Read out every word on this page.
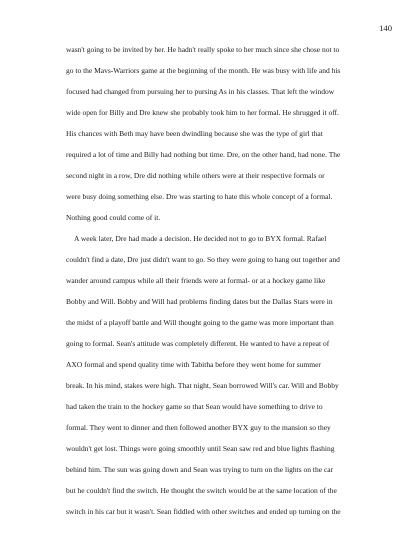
140
wasn't going to be invited by her. He hadn't really spoke to her much since she chose not to
go to the Mavs-Warriors game at the beginning of the month. He was busy with life and his
focused had changed from pursuing her to pursing As in his classes. That left the window
wide open for Billy and Dre knew she probably took him to her formal. He shrugged it off.
His chances with Beth may have been dwindling because she was the type of girl that
required a lot of time and Billy had nothing but time. Dre, on the other hand, had none. The
second night in a row, Dre did nothing while others were at their respective formals or
were busy doing something else. Dre was starting to hate this whole concept of a formal.
Nothing good could come of it.
A week later, Dre had made a decision. He decided not to go to BYX formal. Rafael
couldn't find a date, Dre just didn't want to go. So they were going to hang out together and
wander around campus while all their friends were at formal- or at a hockey game like
Bobby and Will. Bobby and Will had problems finding dates but the Dallas Stars were in
the midst of a playoff battle and Will thought going to the game was more important than
going to formal. Sean's attitude was completely different. He wanted to have a repeat of
AXO formal and spend quality time with Tabitha before they went home for summer
break. In his mind, stakes were high. That night, Sean borrowed Will's car. Will and Bobby
had taken the train to the hockey game so that Sean would have something to drive to
formal. They went to dinner and then followed another BYX guy to the mansion so they
wouldn't get lost. Things were going smoothly until Sean saw red and blue lights flashing
behind him. The sun was going down and Sean was trying to turn on the lights on the car
but he couldn't find the switch. He thought the switch would be at the same location of the
switch in his car but it wasn't. Sean fiddled with other switches and ended up turning on the
